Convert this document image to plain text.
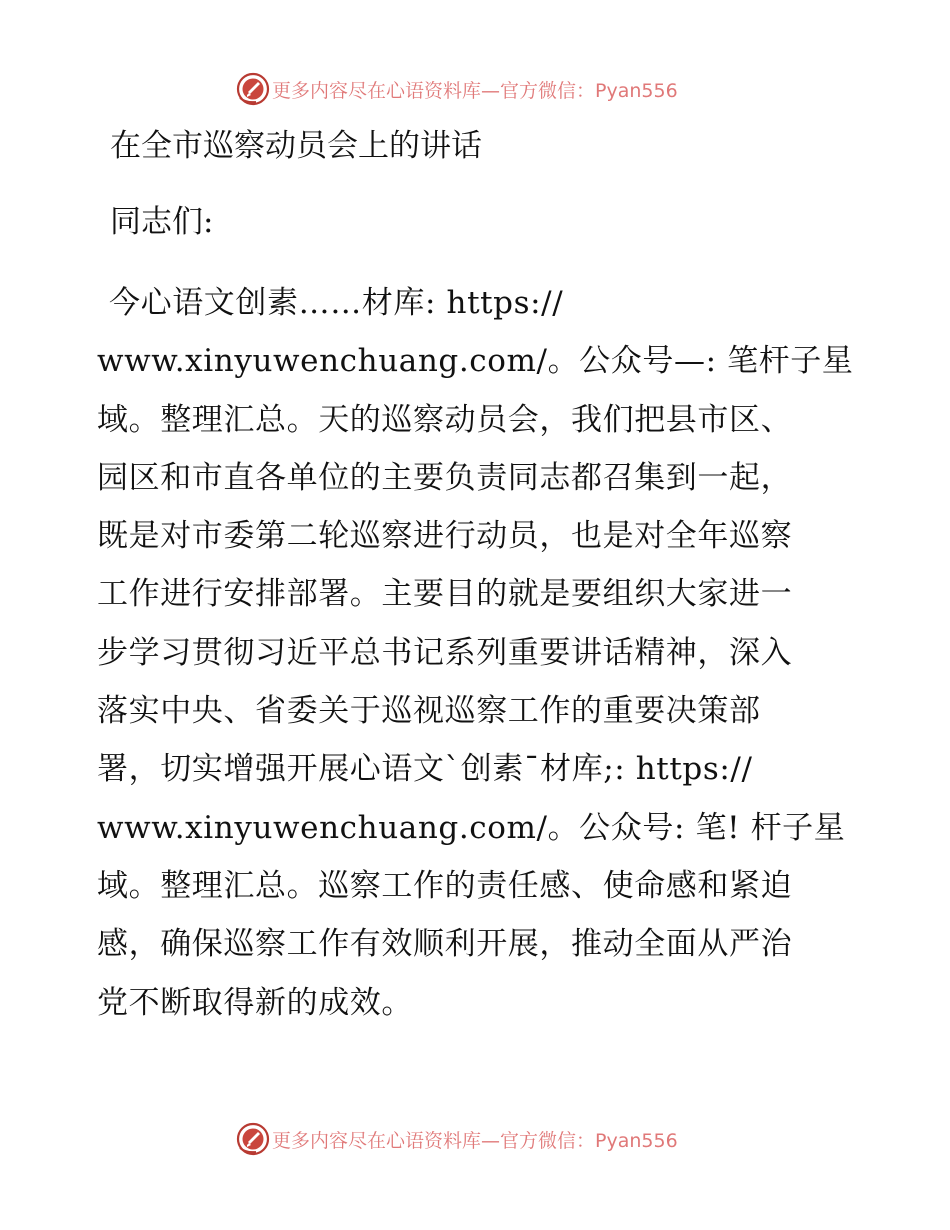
更多内容尽在心语资料库—官方微信：Pyan556
在全市巡察动员会上的讲话
同志们:
今心语文创素……材库: https://
www.xinyuwenchuang.com/。公众号—: 笔杆子星
域。整理汇总。天的巡察动员会，我们把县市区、
园区和市直各单位的主要负责同志都召集到一起，
既是对市委第二轮巡察进行动员，也是对全年巡察
工作进行安排部署。主要目的就是要组织大家进一
步学习贯彻习近平总书记系列重要讲话精神，深入
落实中央、省委关于巡视巡察工作的重要决策部
署，切实增强开展心语文`创素¯材库;: https://
www.xinyuwenchuang.com/。公众号: 笔! 杆子星
域。整理汇总。巡察工作的责任感、使命感和紧迫
感，确保巡察工作有效顺利开展，推动全面从严治
党不断取得新的成效。
更多内容尽在心语资料库—官方微信：Pyan556
